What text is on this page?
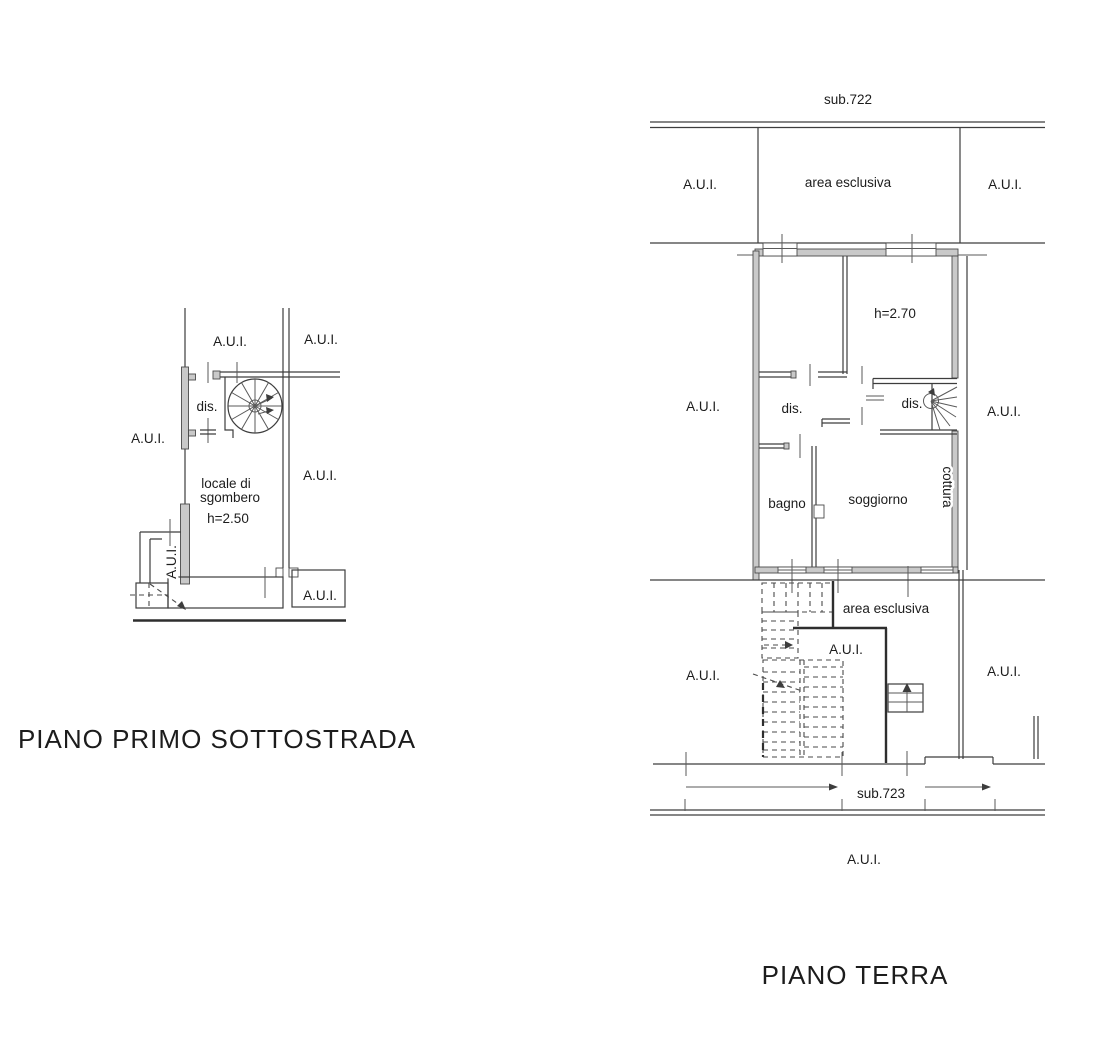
A.U.I.	A.U.I.
A.U.I.
dis.
A.U.I.
locale di
sgombero
h=2.50
A.U.I.
A.U.I.
PIANO PRIMO SOTTOSTRADA
sub.722
A.U.I.	area esclusiva	A.U.I.
h=2.70
A.U.I.	A.U.I.
dis.	dis.
bagno	soggiorno cottura
area esclusiva
A.U.I.
A.U.I.	A.U.I.
sub.723
A.U.I.
PIANO TERRA
